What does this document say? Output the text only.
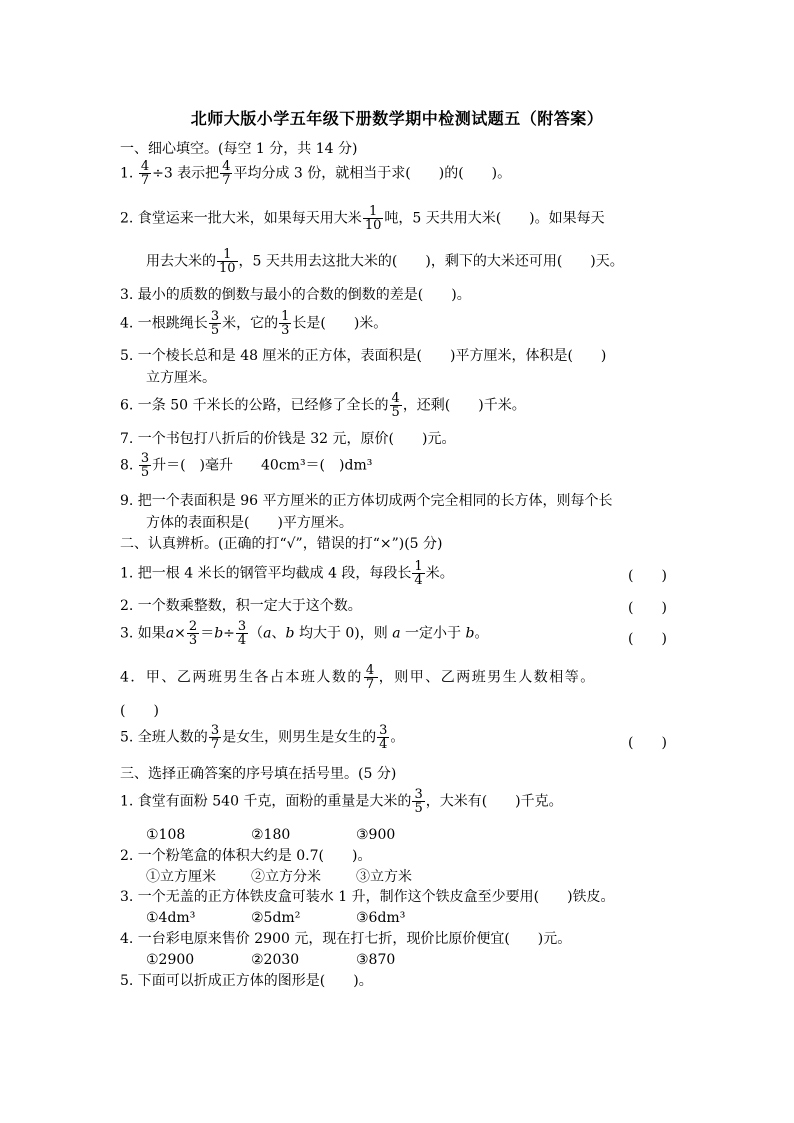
北师大版小学五年级下册数学期中检测试题五（附答案）
一、细心填空。(每空 1 分，共 14 分)
1. $\frac{4}{7} \div 3$ 表示把 $\frac{4}{7}$ 平均分成 3 份，就相当于求(　　)的(　　)。
2. 食堂运来一批大米，如果每天用大米 $\frac{1}{10}$ 吨，5 天共用大米(　　)。如果每天
用去大米的 $\frac{1}{10}$ ，5 天共用去这批大米的(　　)，剩下的大米还可用(　　)天。
3. 最小的质数的倒数与最小的合数的倒数的差是(　　)。
4. 一根跳绳长 $\frac{3}{5}$ 米，它的 $\frac{1}{3}$ 长是(　　)米。
5. 一个棱长总和是 48 厘米的正方体，表面积是(　　)平方厘米，体积是(　　)
立方厘米。
6. 一条 50 千米长的公路，已经修了全长的 $\frac{4}{5}$ ，还剩(　　)千米。
7. 一个书包打八折后的价钱是 32 元，原价(　　)元。
8. $\frac{3}{5}$ 升＝(　)毫升　　40cm³＝(　)dm³
9. 把一个表面积是 96 平方厘米的正方体切成两个完全相同的长方体，则每个长
方体的表面积是(　　)平方厘米。
二、认真辨析。(正确的打“√”，错误的打“×”)(5 分)
1. 把一根 4 米长的钢管平均截成 4 段，每段长 $\frac{1}{4}$ 米。	(　　)
2. 一个数乘整数，积一定大于这个数。	(　　)
3. 如果$a\times \frac{2}{3} =b\div \frac{3}{4} (a$、b 均大于 0)，则 a 一定小于 b。	(　　)
4．甲、乙两班男生各占本班人数的 $\frac{4}{7}$ ，则甲、乙两班男生人数相等。
(　　)
5. 全班人数的 $\frac{3}{7}$ 是女生，则男生是女生的 $\frac{3}{4}$ 。	(　　)
三、选择正确答案的序号填在括号里。(5 分)
1. 食堂有面粉 540 千克，面粉的重量是大米的 $\frac{3}{5}$ ，大米有(　　)千克。
①108	②180	③900
2. 一个粉笔盒的体积大约是 0.7(　　)。
①立方厘米	②立方分米	③立方米
3. 一个无盖的正方体铁皮盒可装水 1 升，制作这个铁皮盒至少要用(　　)铁皮。
①4dm³	②5dm²	③6dm³
4. 一台彩电原来售价 2900 元，现在打七折，现价比原价便宜(　　)元。
①2900	②2030	③870
5. 下面可以折成正方体的图形是(　　)。
